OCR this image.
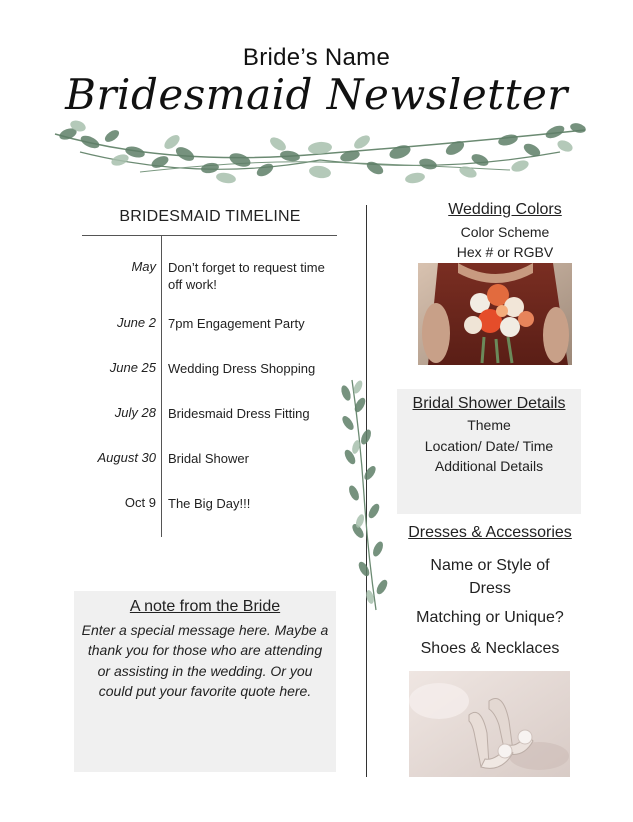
Bride’s Name
Bridesmaid Newsletter
BRIDESMAID TIMELINE
May Don’t forget to request time off work!
June 2 7pm Engagement Party
June 25 Wedding Dress Shopping
July 28 Bridesmaid Dress Fitting
August 30 Bridal Shower
Oct 9 The Big Day!!!
A note from the Bride
Enter a special message here. Maybe a thank you for those who are attending or assisting in the wedding. Or you could put your favorite quote here.
Wedding Colors
Color Scheme
Hex # or RGBV
Bridal Shower Details
Theme
Location/ Date/ Time
Additional Details
Dresses & Accessories
Name or Style of Dress
Matching or Unique?
Shoes & Necklaces
